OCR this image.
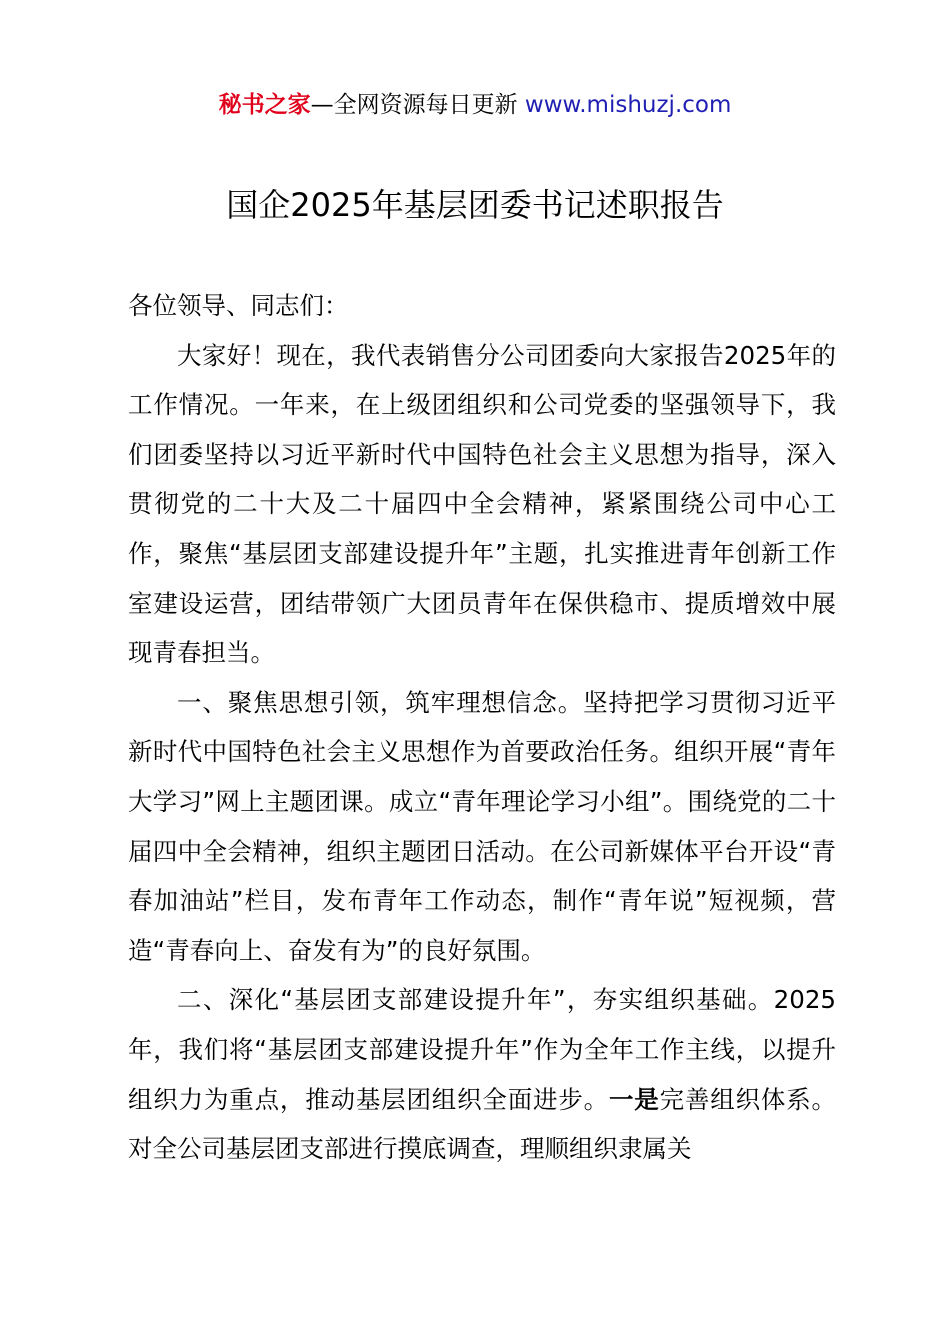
秘书之家—全网资源每日更新 www.mishuzj.com
国企2025年基层团委书记述职报告

各位领导、同志们：

大家好！现在，我代表销售分公司团委向大家报告2025年的工作情况。一年来，在上级团组织和公司党委的坚强领导下，我们团委坚持以习近平新时代中国特色社会主义思想为指导，深入贯彻党的二十大及二十届四中全会精神，紧紧围绕公司中心工作，聚焦“基层团支部建设提升年”主题，扎实推进青年创新工作室建设运营，团结带领广大团员青年在保供稳市、提质增效中展现青春担当。

一、聚焦思想引领，筑牢理想信念。坚持把学习贯彻习近平新时代中国特色社会主义思想作为首要政治任务。组织开展“青年大学习”网上主题团课。成立“青年理论学习小组”。围绕党的二十届四中全会精神，组织主题团日活动。在公司新媒体平台开设“青春加油站”栏目，发布青年工作动态，制作“青年说”短视频，营造“青春向上、奋发有为”的良好氛围。

二、深化“基层团支部建设提升年”，夯实组织基础。2025年，我们将“基层团支部建设提升年”作为全年工作主线，以提升组织力为重点，推动基层团组织全面进步。一是完善组织体系。对全公司基层团支部进行摸底调查，理顺组织隶属关
